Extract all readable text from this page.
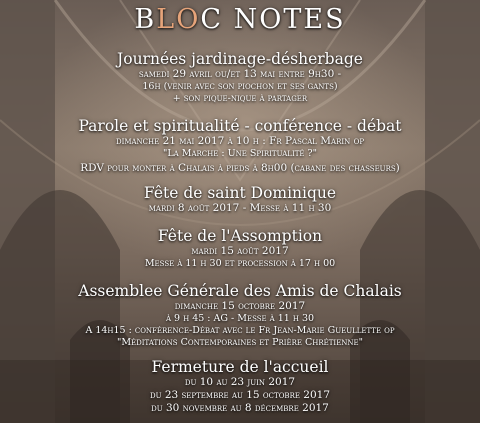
BLOC NOTES
Journées jardinage-désherbage
samedi 29 avril ou/et 13 mai entre 9h30 -
16h (venir avec son piochon et ses gants)
+ son pique-nique à partager
Parole et spiritualité - conférence - débat
dimanche 21 mai 2017 à 10 h : Fr Pascal Marin op
"La Marche : Une Spiritualité ?"
RDV pour monter à Chalais à pieds à 8h00 (cabane des chasseurs)
Fête de saint Dominique
mardi 8 août 2017 - Messe à 11 h 30
Fête de l'Assomption
mardi 15 août 2017
Messe à 11 h 30 et procession à 17 h 00
Assemblee Générale des Amis de Chalais
dimanche 15 octobre 2017
à 9 h 45 : AG - Messe à 11 h 30
A 14h15 : conférence-Débat avec le Fr Jean-Marie Gueullette op
"Méditations Contemporaines et Prière Chrétienne"
Fermeture de l'accueil
du 10 au 23 juin 2017
du 23 septembre au 15 octobre 2017
du 30 novembre au 8 décembre 2017
